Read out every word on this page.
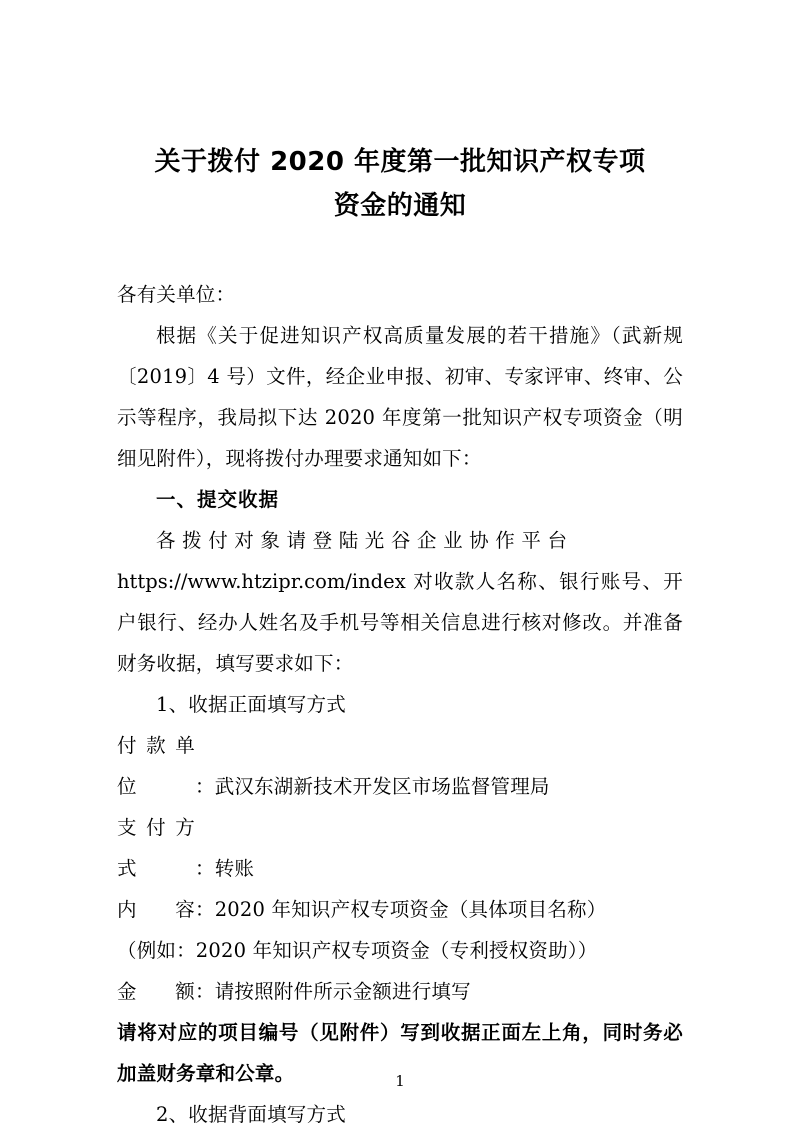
关于拨付 2020 年度第一批知识产权专项
资金的通知

各有关单位：

根据《关于促进知识产权高质量发展的若干措施》（武新规〔2019〕4 号）文件，经企业申报、初审、专家评审、终审、公示等程序，我局拟下达 2020 年度第一批知识产权专项资金（明细见附件），现将拨付办理要求通知如下：

一、提交收据

各 拨 付 对 象 请 登 陆 光 谷 企 业 协 作 平 台
https://www.htzipr.com/index 对收款人名称、银行账号、开户银行、经办人姓名及手机号等相关信息进行核对修改。并准备财务收据，填写要求如下：

1、收据正面填写方式

付款单位	：武汉东湖新技术开发区市场监督管理局

支付方式	：转账

内容：2020 年知识产权专项资金（具体项目名称）

（例如：2020 年知识产权专项资金（专利授权资助））

金额：请按照附件所示金额进行填写

请将对应的项目编号（见附件）写到收据正面左上角，同时务必加盖财务章和公章。

2、收据背面填写方式

1
